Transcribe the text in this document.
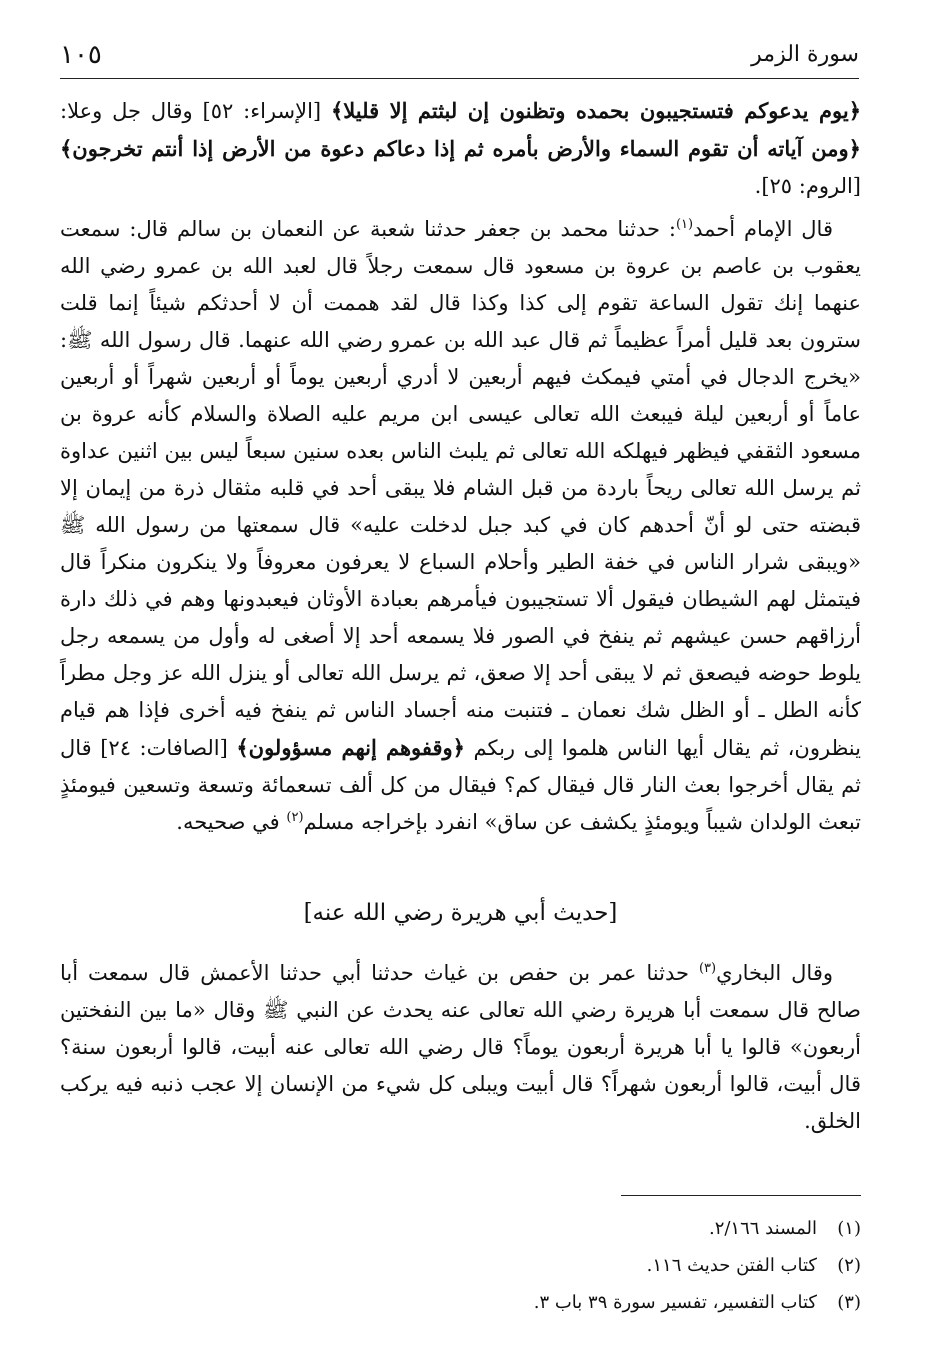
سورة الزمر
١٠٥

﴿يوم يدعوكم فتستجيبون بحمده وتظنون إن لبثتم إلا قليلا﴾ [الإسراء: ٥٢] وقال جل وعلا: ﴿ومن آياته أن تقوم السماء والأرض بأمره ثم إذا دعاكم دعوة من الأرض إذا أنتم تخرجون﴾ [الروم: ٢٥].

قال الإمام أحمد$^{(١)}$: حدثنا محمد بن جعفر حدثنا شعبة عن النعمان بن سالم قال: سمعت يعقوب بن عاصم بن عروة بن مسعود قال سمعت رجلاً قال لعبد الله بن عمرو رضي الله عنهما إنك تقول الساعة تقوم إلى كذا وكذا قال لقد هممت أن لا أحدثكم شيئاً إنما قلت سترون بعد قليل أمراً عظيماً ثم قال عبد الله بن عمرو رضي الله عنهما. قال رسول الله ﷺ: «يخرج الدجال في أمتي فيمكث فيهم أربعين لا أدري أربعين يوماً أو أربعين شهراً أو أربعين عاماً أو أربعين ليلة فيبعث الله تعالى عيسى ابن مريم عليه الصلاة والسلام كأنه عروة بن مسعود الثقفي فيظهر فيهلكه الله تعالى ثم يلبث الناس بعده سنين سبعاً ليس بين اثنين عداوة ثم يرسل الله تعالى ريحاً باردة من قبل الشام فلا يبقى أحد في قلبه مثقال ذرة من إيمان إلا قبضته حتى لو أنّ أحدهم كان في كبد جبل لدخلت عليه» قال سمعتها من رسول الله ﷺ «ويبقى شرار الناس في خفة الطير وأحلام السباع لا يعرفون معروفاً ولا ينكرون منكراً قال فيتمثل لهم الشيطان فيقول ألا تستجيبون فيأمرهم بعبادة الأوثان فيعبدونها وهم في ذلك دارة أرزاقهم حسن عيشهم ثم ينفخ في الصور فلا يسمعه أحد إلا أصغى له وأول من يسمعه رجل يلوط حوضه فيصعق ثم لا يبقى أحد إلا صعق، ثم يرسل الله تعالى أو ينزل الله عز وجل مطراً كأنه الطل ـ أو الظل شك نعمان ـ فتنبت منه أجساد الناس ثم ينفخ فيه أخرى فإذا هم قيام ينظرون، ثم يقال أيها الناس هلموا إلى ربكم ﴿وقفوهم إنهم مسؤولون﴾ [الصافات: ٢٤] قال ثم يقال أخرجوا بعث النار قال فيقال كم؟ فيقال من كل ألف تسعمائة وتسعة وتسعين فيومئذٍ تبعث الولدان شيباً ويومئذٍ يكشف عن ساق» انفرد بإخراجه مسلم$^{(٢)}$ في صحيحه.

[حديث أبي هريرة رضي الله عنه]

وقال البخاري$^{(٣)}$ حدثنا عمر بن حفص بن غياث حدثنا أبي حدثنا الأعمش قال سمعت أبا صالح قال سمعت أبا هريرة رضي الله تعالى عنه يحدث عن النبي ﷺ وقال «ما بين النفختين أربعون» قالوا يا أبا هريرة أربعون يوماً؟ قال رضي الله تعالى عنه أبيت، قالوا أربعون سنة؟ قال أبيت، قالوا أربعون شهراً؟ قال أبيت ويبلى كل شيء من الإنسان إلا عجب ذنبه فيه يركب الخلق.

(١)المسند ٢/١٦٦.
(٢)كتاب الفتن حديث ١١٦.
(٣)كتاب التفسير، تفسير سورة ٣٩ باب ٣.
